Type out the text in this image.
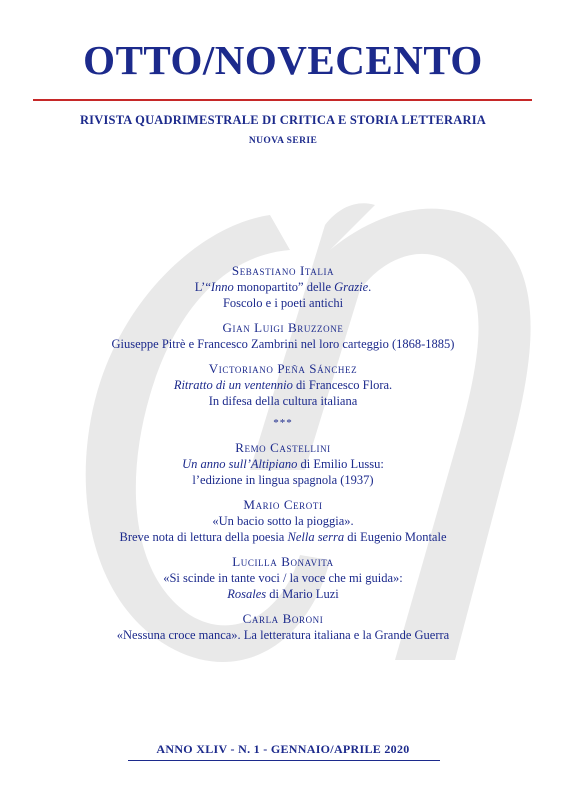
OTTO/NOVECENTO
RIVISTA QUADRIMESTRALE DI CRITICA E STORIA LETTERARIA
NUOVA SERIE
Sebastiano Italia
L’“Inno monopartito” delle Grazie.
Foscolo e i poeti antichi
Gian Luigi Bruzzone
Giuseppe Pitrè e Francesco Zambrini nel loro carteggio (1868-1885)
Victoriano Peña Sánchez
Ritratto di un ventennio di Francesco Flora.
In difesa della cultura italiana
***
Remo Castellini
Un anno sull’Altipiano di Emilio Lussu:
l’edizione in lingua spagnola (1937)
Mario Ceroti
«Un bacio sotto la pioggia».
Breve nota di lettura della poesia Nella serra di Eugenio Montale
Lucilla Bonavita
«Si scinde in tante voci / la voce che mi guida»:
Rosales di Mario Luzi
Carla Boroni
«Nessuna croce manca». La letteratura italiana e la Grande Guerra
ANNO XLIV - N. 1 - GENNAIO/APRILE 2020
